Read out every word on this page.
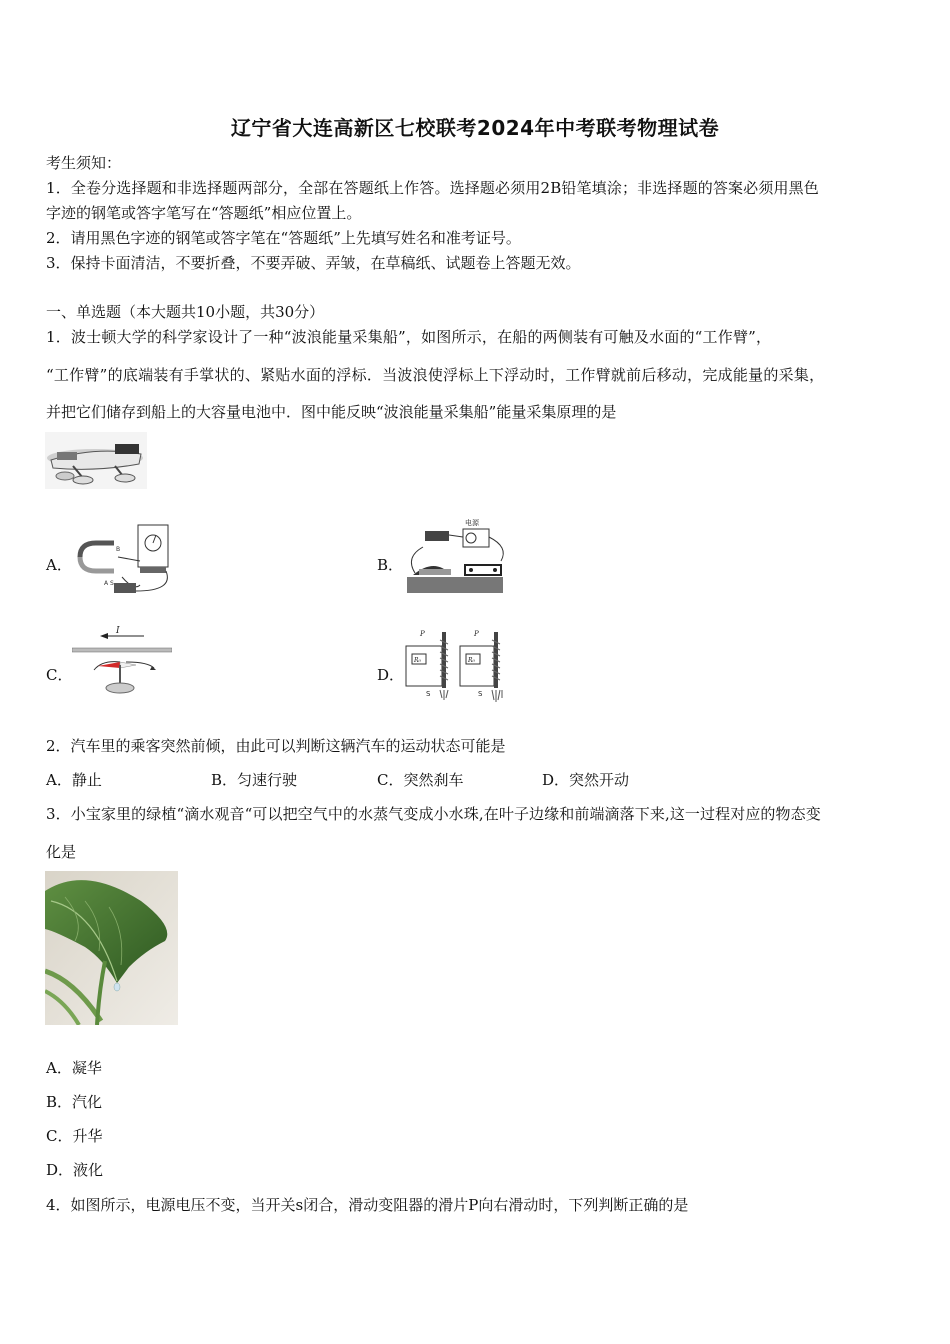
辽宁省大连高新区七校联考2024年中考联考物理试卷
考生须知：
1．全卷分选择题和非选择题两部分，全部在答题纸上作答。选择题必须用2B铅笔填涂；非选择题的答案必须用黑色
字迹的钢笔或答字笔写在“答题纸”相应位置上。
2．请用黑色字迹的钢笔或答字笔在“答题纸”上先填写姓名和准考证号。
3．保持卡面清洁，不要折叠，不要弄破、弄皱，在草稿纸、试题卷上答题无效。
一、单选题（本大题共10小题，共30分）
1．波士顿大学的科学家设计了一种“波浪能量采集船”，如图所示，在船的两侧装有可触及水面的“工作臂”，
“工作臂”的底端装有手掌状的、紧贴水面的浮标．当波浪使浮标上下浮动时，工作臂就前后移动，完成能量的采集，
并把它们储存到船上的大容量电池中．图中能反映“波浪能量采集船”能量采集原理的是
A．
A S
B
B．
电源
C．
I
D．
P
R₀
S
P
R₀
S
2．汽车里的乘客突然前倾，由此可以判断这辆汽车的运动状态可能是
A．静止	B．匀速行驶	C．突然刹车	D．突然开动
3．小宝家里的绿植“滴水观音“可以把空气中的水蒸气变成小水珠,在叶子边缘和前端滴落下来,这一过程对应的物态变
化是
A．凝华
B．汽化
C．升华
D．液化
4．如图所示，电源电压不变，当开关s闭合，滑动变阻器的滑片P向右滑动时，下列判断正确的是
